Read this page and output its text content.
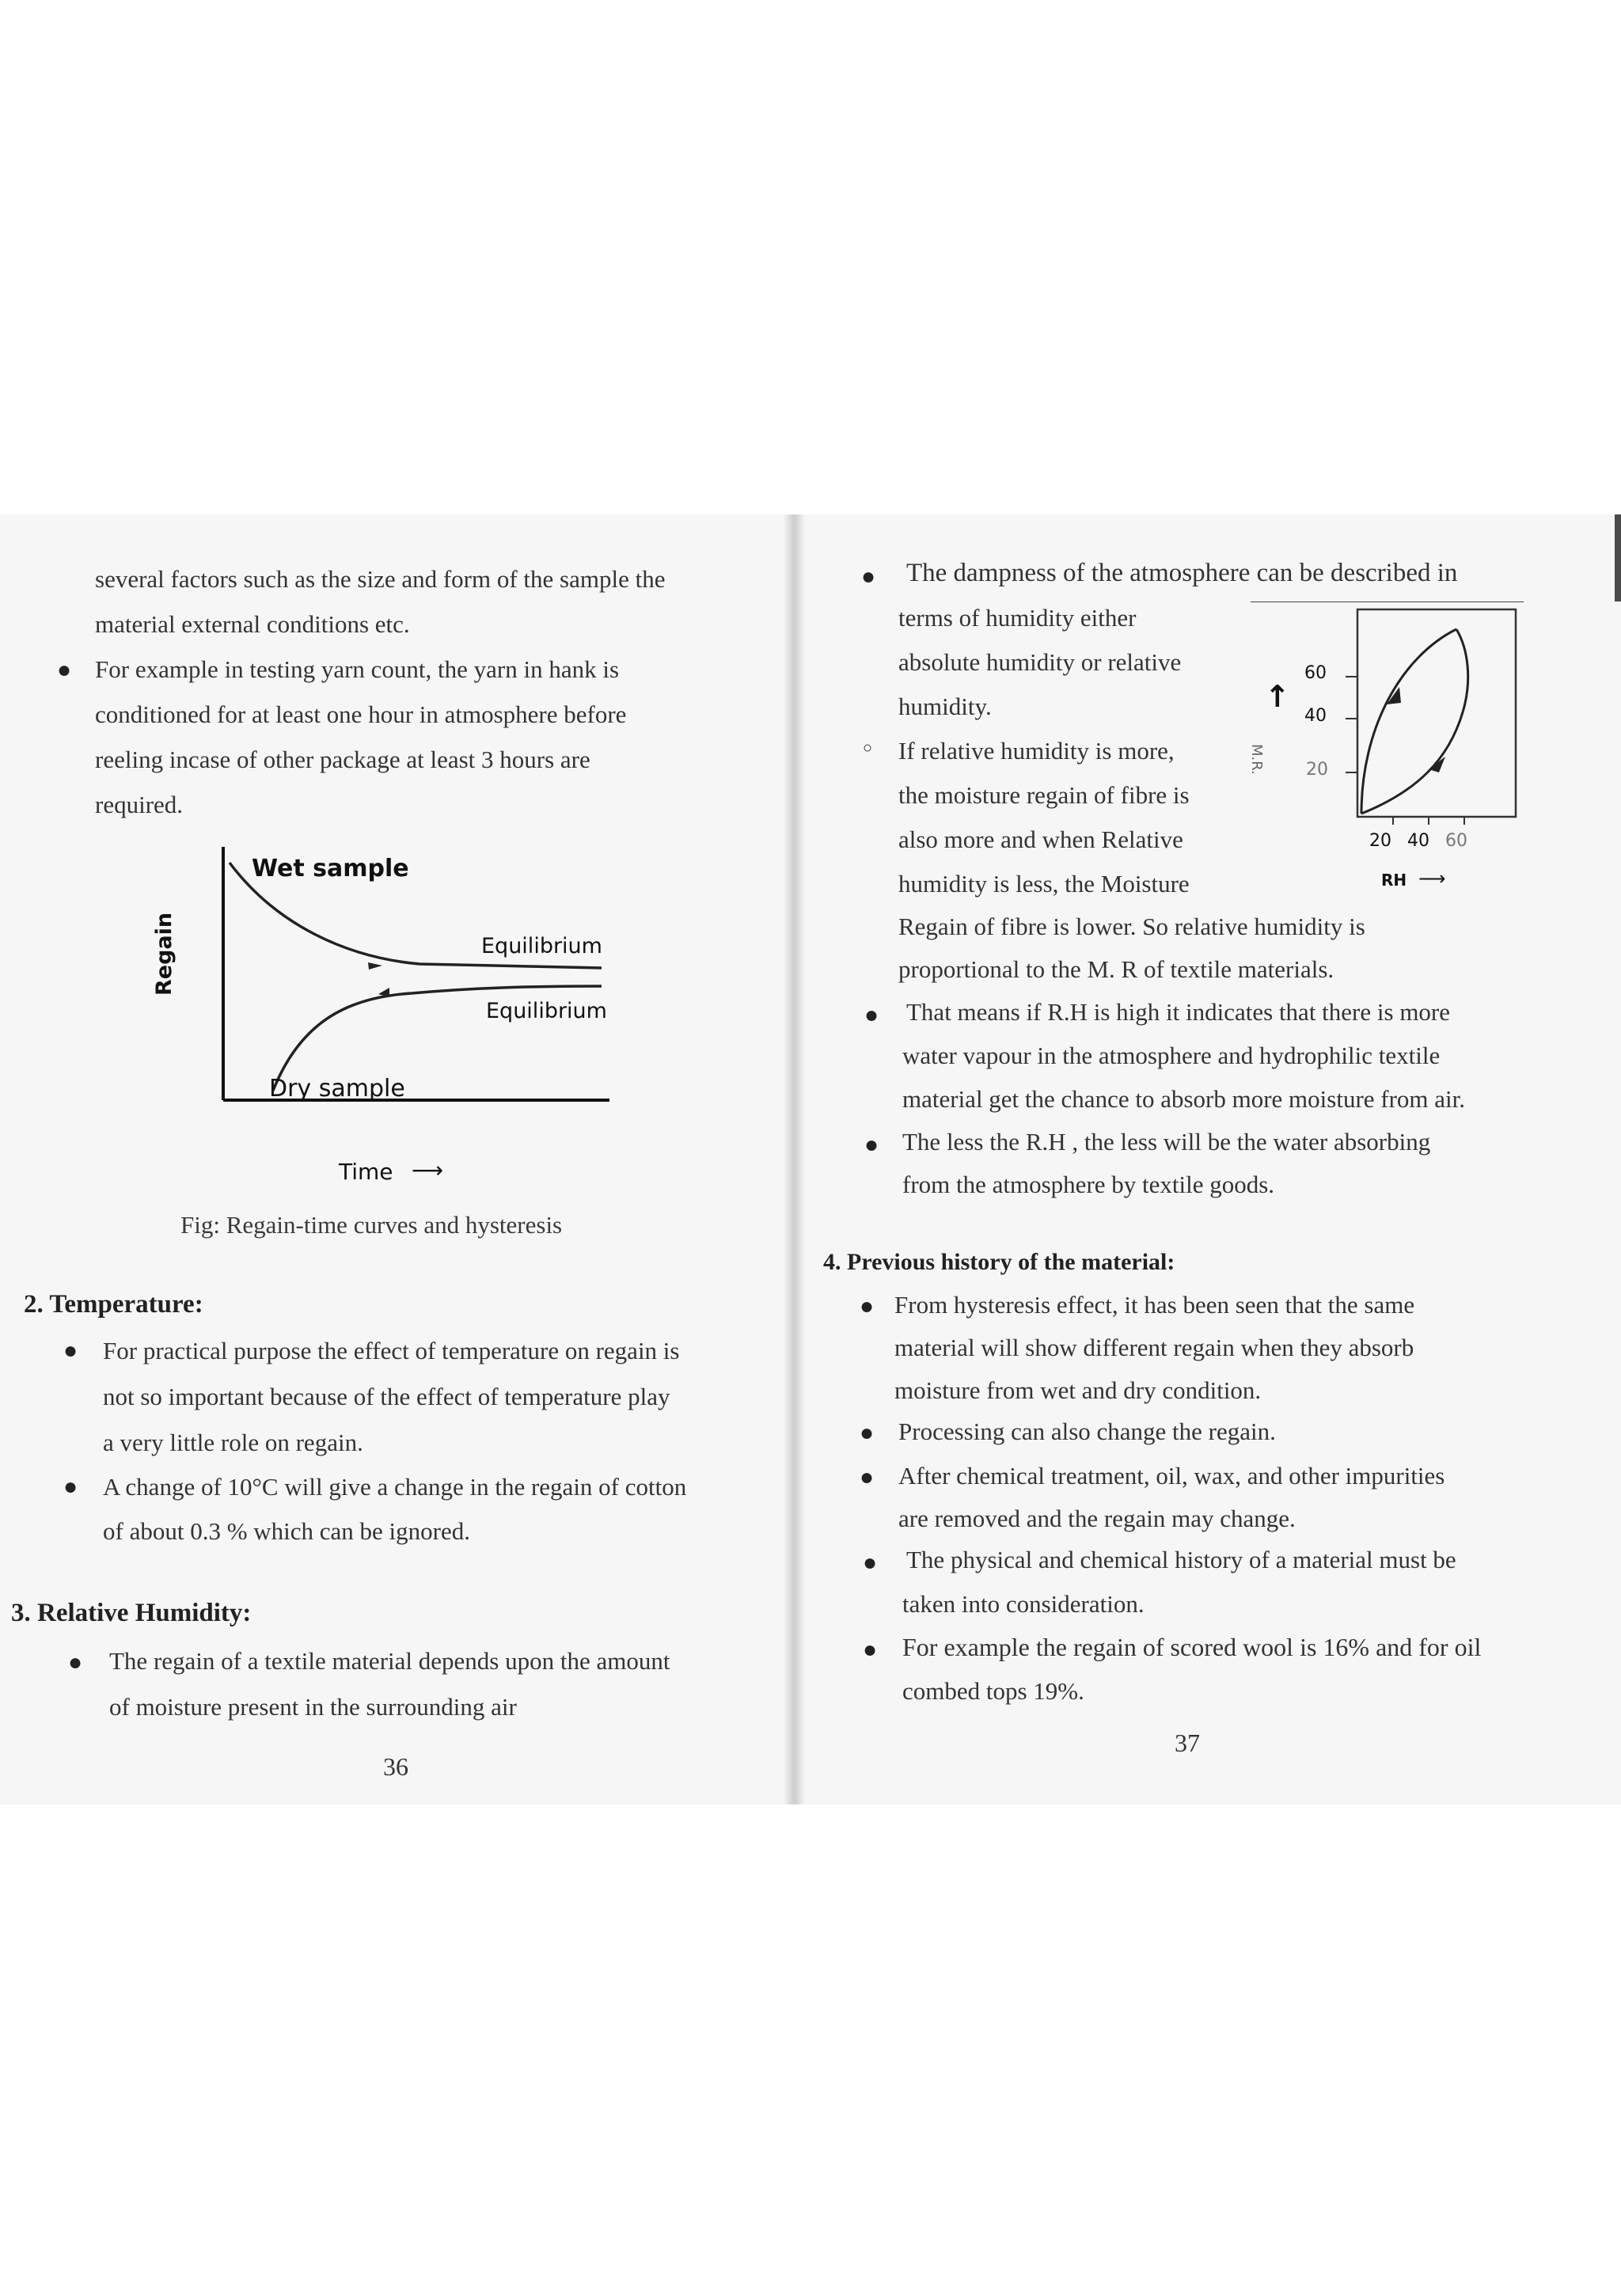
several factors such as the size and form of the sample the
material external conditions etc.
● For example in testing yarn count, the yarn in hank is
conditioned for at least one hour in atmosphere before
reeling incase of other package at least 3 hours are
required.
Wet sample
Equilibrium
Equilibrium
Dry sample
Regain
Time ⟶
Fig: Regain-time curves and hysteresis
2. Temperature:
● For practical purpose the effect of temperature on regain is
not so important because of the effect of temperature play
a very little role on regain.
● A change of 10°C will give a change in the regain of cotton
of about 0.3 % which can be ignored.
3. Relative Humidity:
● The regain of a textile material depends upon the amount
of moisture present in the surrounding air
36
● The dampness of the atmosphere can be described in
terms of humidity either
absolute humidity or relative
humidity.
○ If relative humidity is more,
the moisture regain of fibre is
also more and when Relative
humidity is less, the Moisture
Regain of fibre is lower. So relative humidity is
proportional to the M. R of textile materials.
60
40
20
20 40 60
RH ⟶
M.R.
↑
● That means if R.H is high it indicates that there is more
water vapour in the atmosphere and hydrophilic textile
material get the chance to absorb more moisture from air.
● The less the R.H , the less will be the water absorbing
from the atmosphere by textile goods.
4. Previous history of the material:
● From hysteresis effect, it has been seen that the same
material will show different regain when they absorb
moisture from wet and dry condition.
● Processing can also change the regain.
● After chemical treatment, oil, wax, and other impurities
are removed and the regain may change.
● The physical and chemical history of a material must be
taken into consideration.
● For example the regain of scored wool is 16% and for oil
combed tops 19%.
37
